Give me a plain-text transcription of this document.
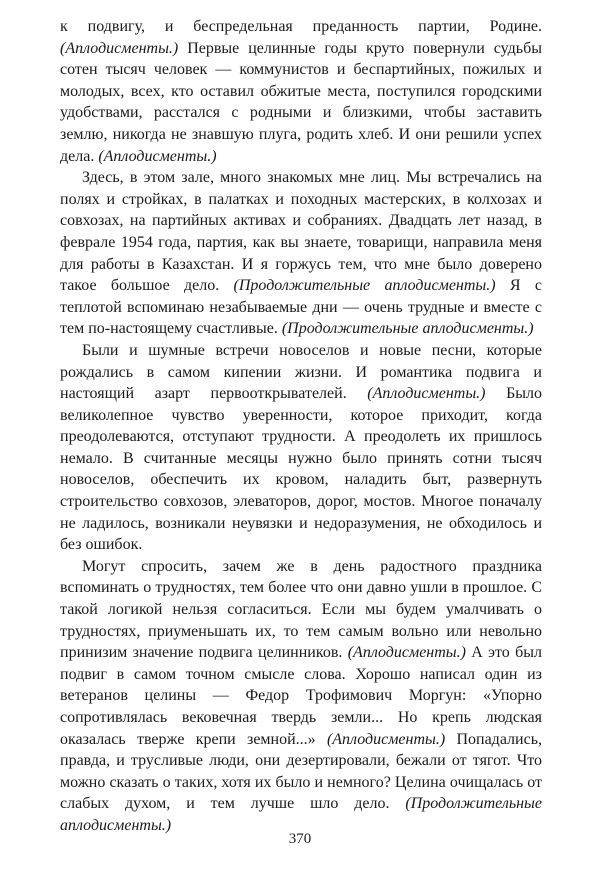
к подвигу, и беспредельная преданность партии, Родине. (Аплодисменты.) Первые целинные годы круто повернули судьбы сотен тысяч человек — коммунистов и беспартийных, пожилых и молодых, всех, кто оставил обжитые места, поступился городскими удобствами, расстался с родными и близкими, чтобы заставить землю, никогда не знавшую плуга, родить хлеб. И они решили успех дела. (Аплодисменты.)

Здесь, в этом зале, много знакомых мне лиц. Мы встречались на полях и стройках, в палатках и походных мастерских, в колхозах и совхозах, на партийных активах и собраниях. Двадцать лет назад, в феврале 1954 года, партия, как вы знаете, товарищи, направила меня для работы в Казахстан. И я горжусь тем, что мне было доверено такое большое дело. (Продолжительные аплодисменты.) Я с теплотой вспоминаю незабываемые дни — очень трудные и вместе с тем по-настоящему счастливые. (Продолжительные аплодисменты.)

Были и шумные встречи новоселов и новые песни, которые рождались в самом кипении жизни. И романтика подвига и настоящий азарт первооткрывателей. (Аплодисменты.) Было великолепное чувство уверенности, которое приходит, когда преодолеваются, отступают трудности. А преодолеть их пришлось немало. В считанные месяцы нужно было принять сотни тысяч новоселов, обеспечить их кровом, наладить быт, развернуть строительство совхозов, элеваторов, дорог, мостов. Многое поначалу не ладилось, возникали неувязки и недоразумения, не обходилось и без ошибок.

Могут спросить, зачем же в день радостного праздника вспоминать о трудностях, тем более что они давно ушли в прошлое. С такой логикой нельзя согласиться. Если мы будем умалчивать о трудностях, приуменьшать их, то тем самым вольно или невольно принизим значение подвига целинников. (Аплодисменты.) А это был подвиг в самом точном смысле слова. Хорошо написал один из ветеранов целины — Федор Трофимович Моргун: «Упорно сопротивлялась вековечная твердь земли... Но крепь людская оказалась тверже крепи земной...» (Аплодисменты.) Попадались, правда, и трусливые люди, они дезертировали, бежали от тягот. Что можно сказать о таких, хотя их было и немного? Целина очищалась от слабых духом, и тем лучше шло дело. (Продолжительные аплодисменты.)

370
